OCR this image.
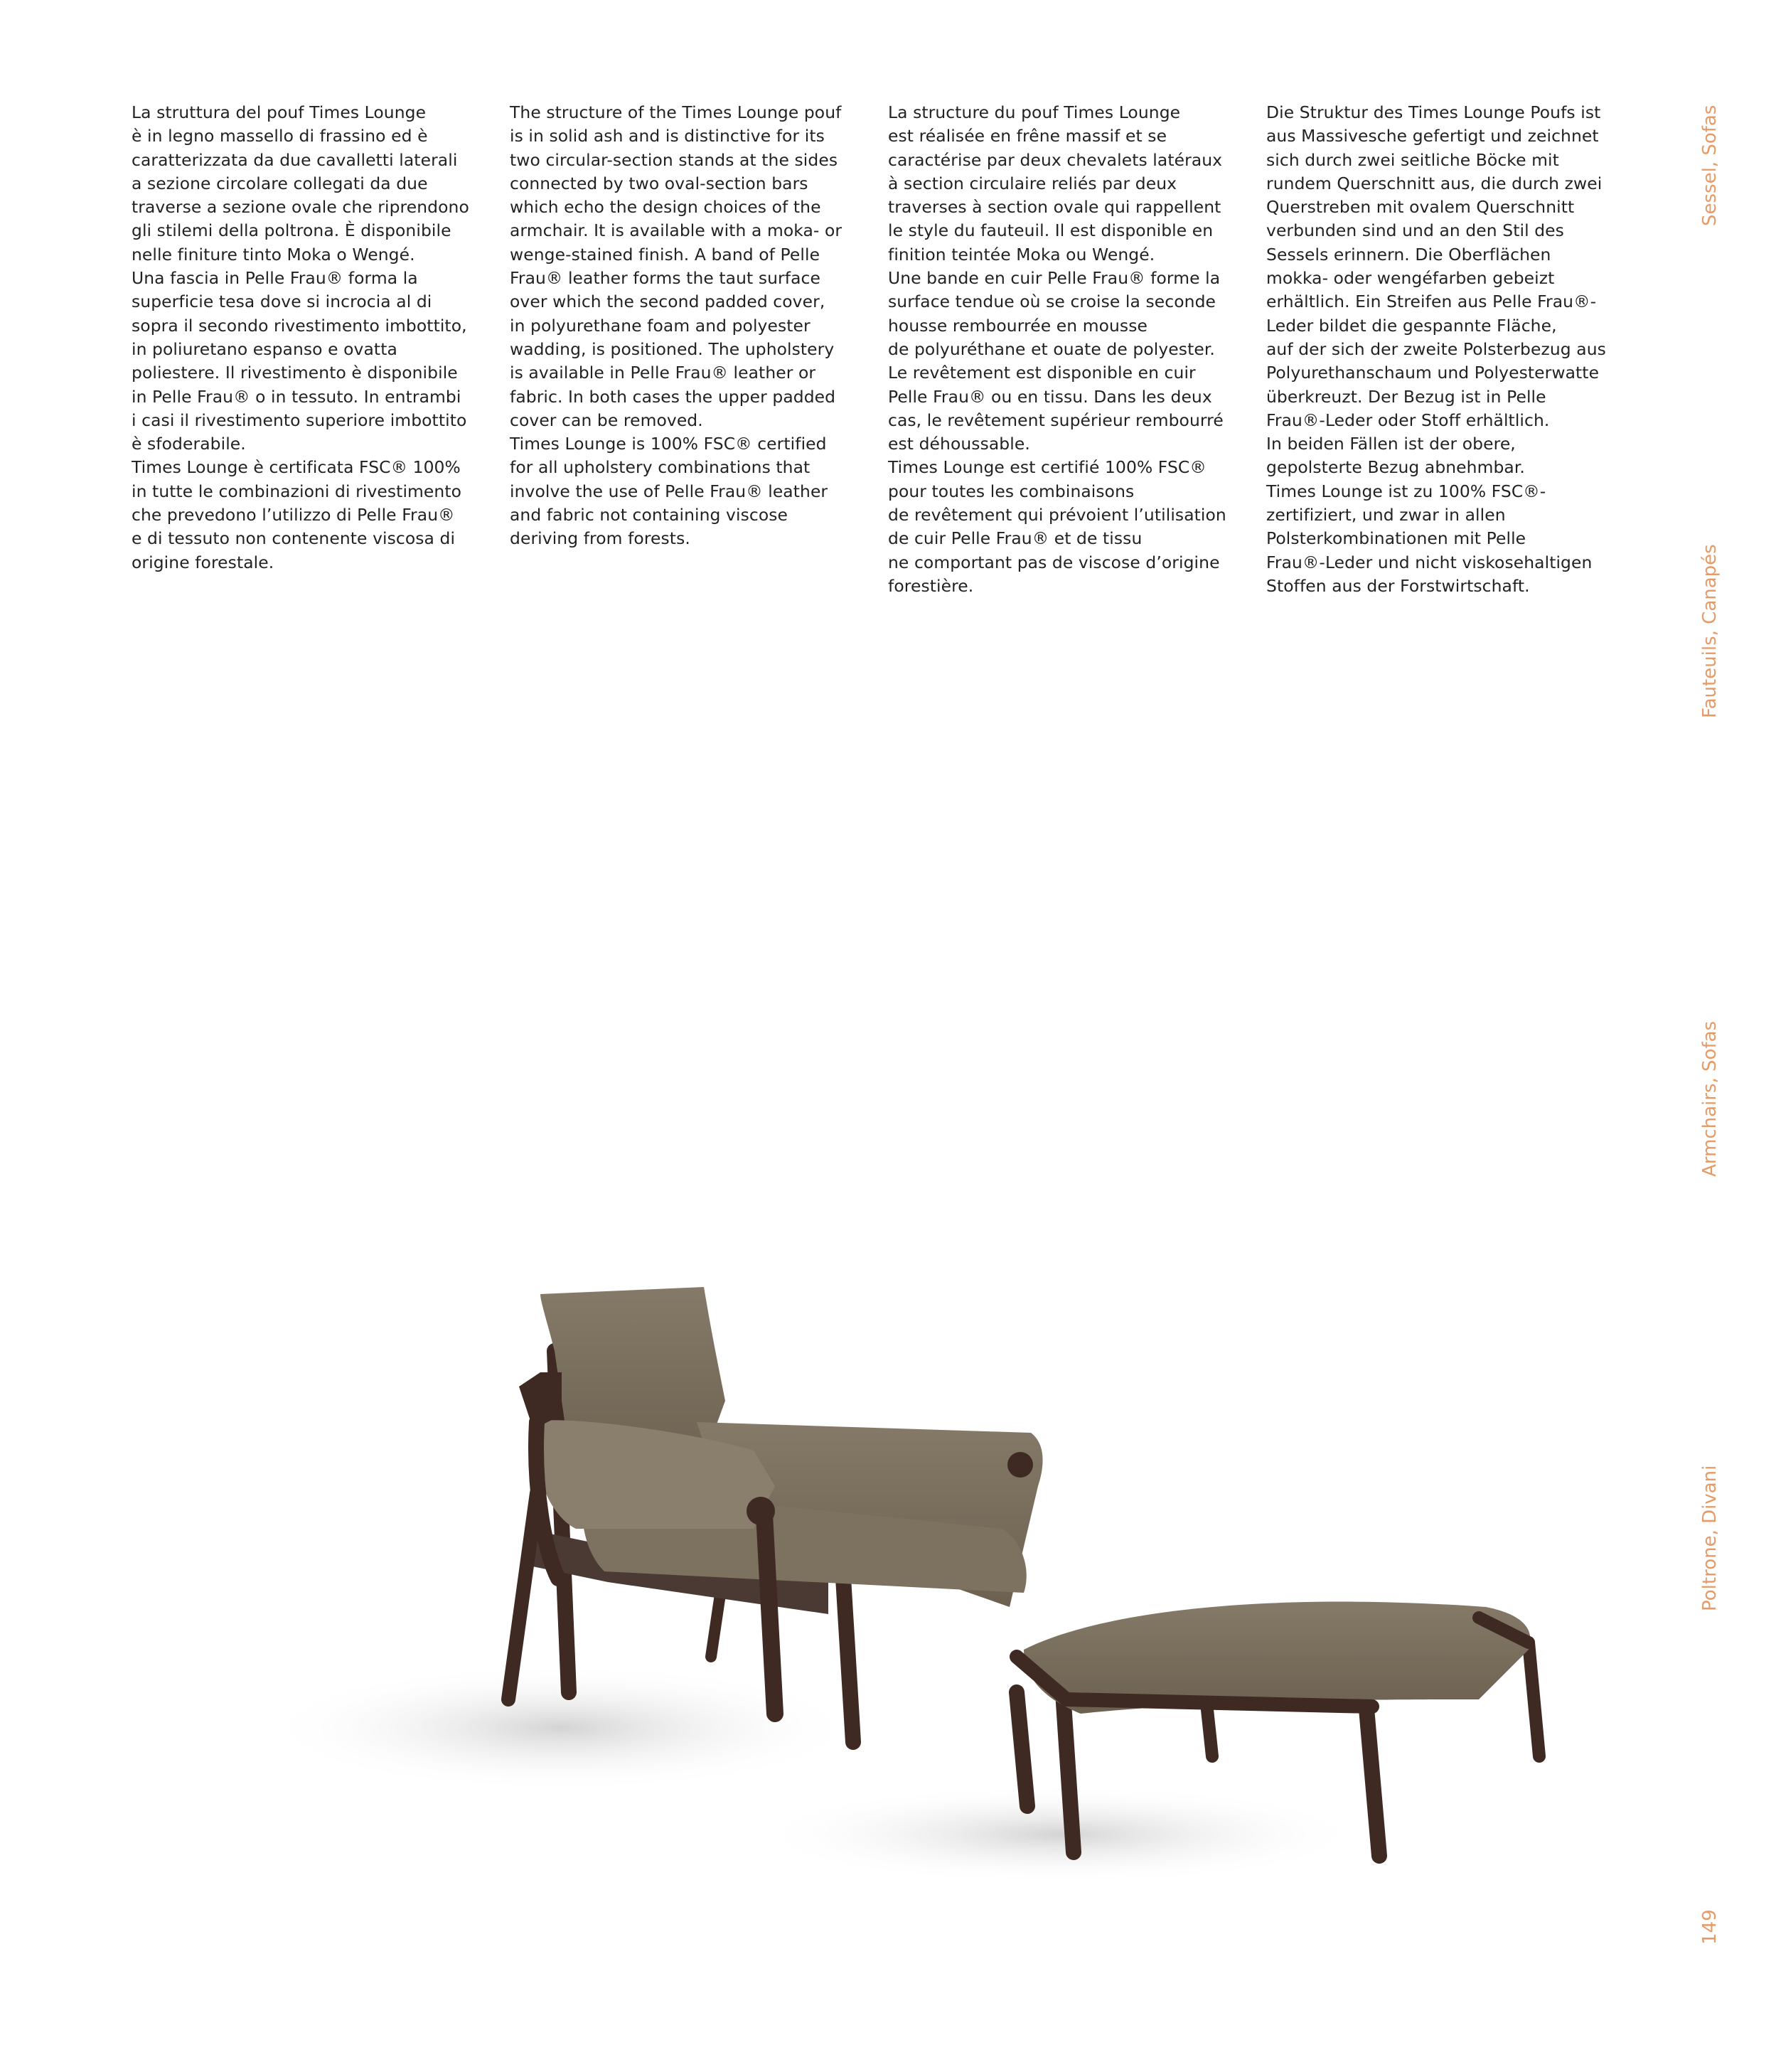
La struttura del pouf Times Lounge

è in legno massello di frassino ed è

caratterizzata da due cavalletti laterali

a sezione circolare collegati da due

traverse a sezione ovale che riprendono

gli stilemi della poltrona. È disponibile

nelle finiture tinto Moka o Wengé.

Una fascia in Pelle Frau® forma la

superficie tesa dove si incrocia al di

sopra il secondo rivestimento imbottito,

in poliuretano espanso e ovatta

poliestere. Il rivestimento è disponibile

in Pelle Frau® o in tessuto. In entrambi

i casi il rivestimento superiore imbottito

è sfoderabile.

Times Lounge è certificata FSC® 100%

in tutte le combinazioni di rivestimento

che prevedono l’utilizzo di Pelle Frau®

e di tessuto non contenente viscosa di

origine forestale.

The structure of the Times Lounge pouf

is in solid ash and is distinctive for its

two circular-section stands at the sides

connected by two oval-section bars

which echo the design choices of the

armchair. It is available with a moka- or

wenge-stained finish. A band of Pelle

Frau® leather forms the taut surface

over which the second padded cover,

in polyurethane foam and polyester

wadding, is positioned. The upholstery

is available in Pelle Frau® leather or

fabric. In both cases the upper padded

cover can be removed.

Times Lounge is 100% FSC® certified

for all upholstery combinations that

involve the use of Pelle Frau® leather

and fabric not containing viscose

deriving from forests.

La structure du pouf Times Lounge

est réalisée en frêne massif et se

caractérise par deux chevalets latéraux

à section circulaire reliés par deux

traverses à section ovale qui rappellent

le style du fauteuil. Il est disponible en

finition teintée Moka ou Wengé.

Une bande en cuir Pelle Frau® forme la

surface tendue où se croise la seconde

housse rembourrée en mousse

de polyuréthane et ouate de polyester.

Le revêtement est disponible en cuir

Pelle Frau® ou en tissu. Dans les deux

cas, le revêtement supérieur rembourré

est déhoussable.

Times Lounge est certifié 100% FSC®

pour toutes les combinaisons

de revêtement qui prévoient l’utilisation

de cuir Pelle Frau® et de tissu

ne comportant pas de viscose d’origine

forestière.

Die Struktur des Times Lounge Poufs ist

aus Massivesche gefertigt und zeichnet

sich durch zwei seitliche Böcke mit

rundem Querschnitt aus, die durch zwei

Querstreben mit ovalem Querschnitt

verbunden sind und an den Stil des

Sessels erinnern. Die Oberflächen

mokka- oder wengéfarben gebeizt

erhältlich. Ein Streifen aus Pelle Frau®-

Leder bildet die gespannte Fläche,

auf der sich der zweite Polsterbezug aus

Polyurethanschaum und Polyesterwatte

überkreuzt. Der Bezug ist in Pelle

Frau®-Leder oder Stoff erhältlich.

In beiden Fällen ist der obere,

gepolsterte Bezug abnehmbar.

Times Lounge ist zu 100% FSC®-

zertifiziert, und zwar in allen

Polsterkombinationen mit Pelle

Frau®-Leder und nicht viskosehaltigen

Stoffen aus der Forstwirtschaft.

Sessel, Sofas
Fauteuils, Canapés
Armchairs, Sofas
Poltrone, Divani
149
